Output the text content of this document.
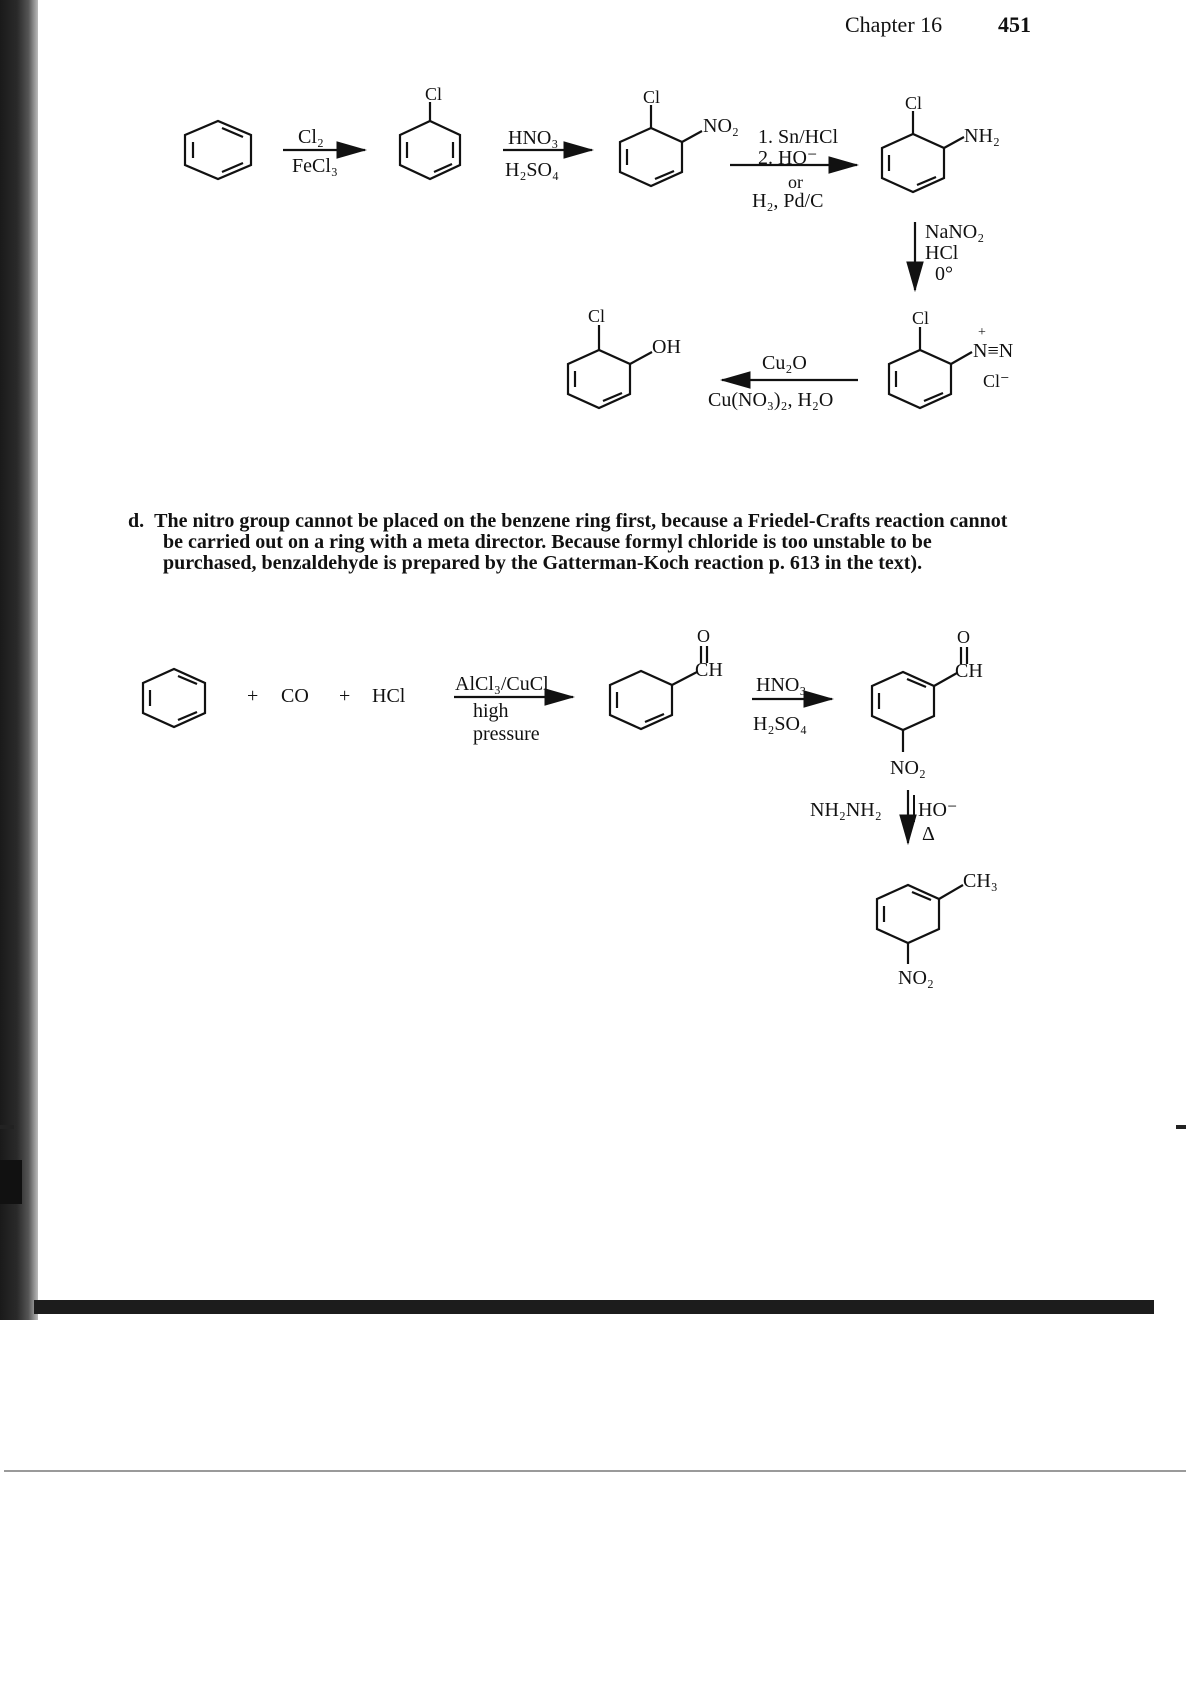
Chapter 16	451
Cl	Cl
NO₂
Cl
NH₂
Cl
N≡N
+
Cl⁻
Cl
OH
Cl₂
FeCl₃
HNO₃
H₂SO₄
1. Sn/HCl
2. HO⁻
or
H₂, Pd/C
NaNO₂
HCl
0°
Cu₂O
Cu(NO₃)₂, H₂O
d. The nitro group cannot be placed on the benzene ring first, because a Friedel-Crafts reaction cannot be carried out on a ring with a meta director. Because formyl chloride is too unstable to be purchased, benzaldehyde is prepared by the Gatterman-Koch reaction p. 613 in the text).
+ CO + HCl
O
CH
O
CH
NO₂
CH₃
NO₂
AlCl₃/CuCl
high
pressure
HNO₃
H₂SO₄
NH₂NH₂ HO⁻
Δ
